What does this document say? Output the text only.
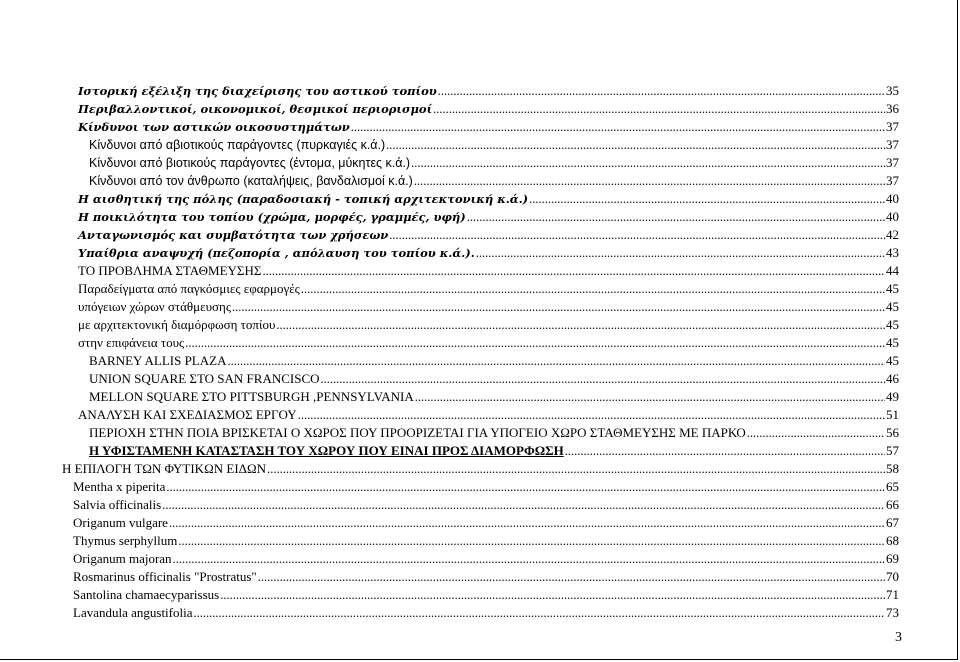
Ιστορική εξέλιξη της διαχείρισης του αστικού τοπίου .....	35
Περιβαλλοντικοί, οικονομικοί, θεσμικοί περιορισμοί .....	36
Κίνδυνοι των αστικών οικοσυστημάτων .....	37
Κίνδυνοι από αβιοτικούς παράγοντες (πυρκαγιές κ.ά.) .....	37
Κίνδυνοι από βιοτικούς παράγοντες (έντομα, μύκητες κ.ά.) .....	37
Κίνδυνοι από τον άνθρωπο (καταλήψεις, βανδαλισμοί κ.ά.) .....	37
Η αισθητική της πόλης (παραδοσιακή - τοπική αρχιτεκτονική κ.ά.) .....	40
Η ποικιλότητα του τοπίου (χρώμα, μορφές, γραμμές, υφή) .....	40
Ανταγωνισμός και συμβατότητα των χρήσεων .....	42
Υπαίθρια αναψυχή (πεζοπορία , απόλαυση του τοπίου κ.ά.). .....	43
ΤΟ ΠΡΟΒΛΗΜΑ ΣΤΑΘΜΕΥΣΗΣ .....	44
Παραδείγματα από παγκόσμιες εφαρμογές .....	45
υπόγειων χώρων στάθμευσης .....	45
με αρχιτεκτονική διαμόρφωση τοπίου .....	45
στην επιφάνεια τους .....	45
BARNEY ALLIS PLAZA .....	45
UNION SQUARE ΣΤΟ SAN FRANCISCO .....	46
MELLON SQUARE ΣΤΟ PITTSBURGH ,PENNSYLVANIA .....	49
ΑΝΑΛΥΣΗ ΚΑΙ ΣΧΕΔΙΑΣΜΟΣ ΕΡΓΟΥ .....	51
ΠΕΡΙΟΧΗ ΣΤΗΝ ΠΟΙΑ ΒΡΙΣΚΕΤΑΙ Ο ΧΩΡΟΣ ΠΟΥ ΠΡΟΟΡΙΖΕΤΑΙ ΓΙΑ ΥΠΟΓΕΙΟ ΧΩΡΟ ΣΤΑΘΜΕΥΣΗΣ ΜΕ ΠΑΡΚΟ .....	56
Η ΥΦΙΣΤΑΜΕΝΗ ΚΑΤΑΣΤΑΣΗ ΤΟΥ ΧΩΡΟΥ ΠΟΥ ΕΙΝΑΙ ΠΡΟΣ ΔΙΑΜΟΡΦΩΣΗ .....	57
Η ΕΠΙΛΟΓΗ ΤΩΝ ΦΥΤΙΚΩΝ ΕΙΔΩΝ .....	58
Mentha x piperita .....	65
Salvia officinalis .....	66
Origanum vulgare .....	67
Thymus serphyllum .....	68
Origanum majoran .....	69
Rosmarinus officinalis "Prostratus" .....	70
Santolina chamaecyparissus .....	71
Lavandula angustifolia .....	73
3
